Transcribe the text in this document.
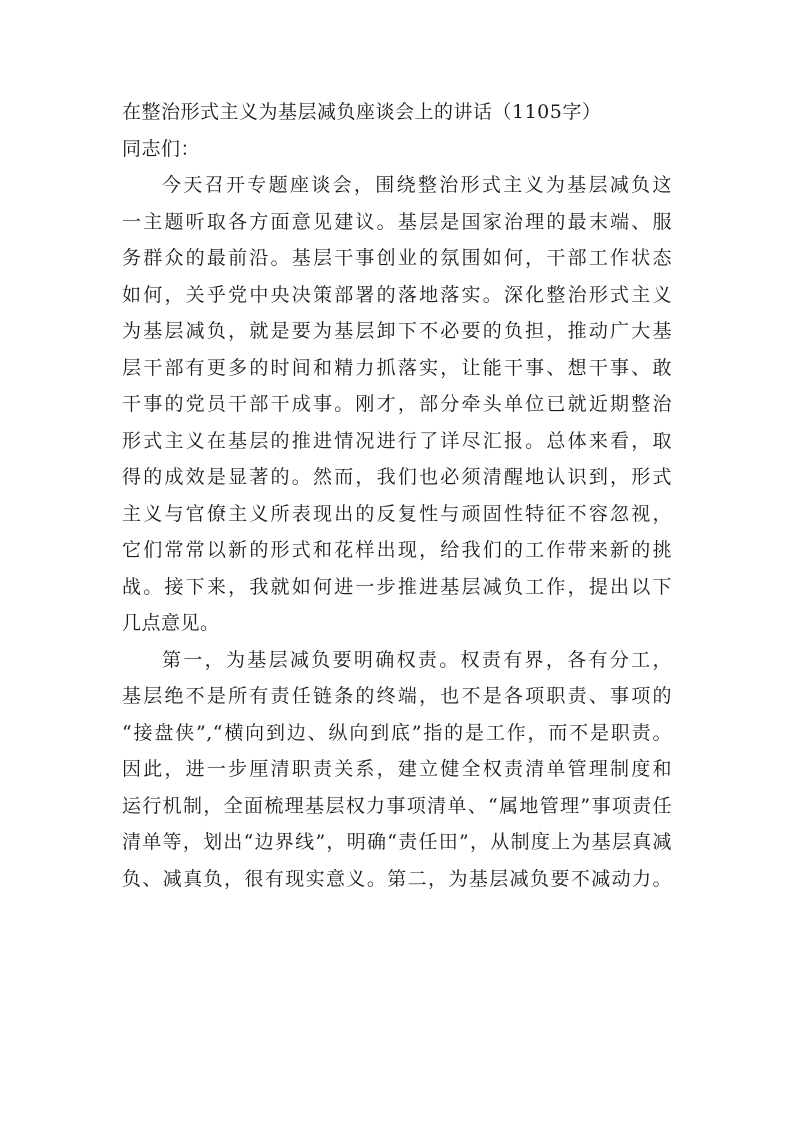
在整治形式主义为基层减负座谈会上的讲话（1105字）
同志们：
今天召开专题座谈会，围绕整治形式主义为基层减负这
一主题听取各方面意见建议。基层是国家治理的最末端、服
务群众的最前沿。基层干事创业的氛围如何，干部工作状态
如何，关乎党中央决策部署的落地落实。深化整治形式主义
为基层减负，就是要为基层卸下不必要的负担，推动广大基
层干部有更多的时间和精力抓落实，让能干事、想干事、敢
干事的党员干部干成事。刚才，部分牵头单位已就近期整治
形式主义在基层的推进情况进行了详尽汇报。总体来看，取
得的成效是显著的。然而，我们也必须清醒地认识到，形式
主义与官僚主义所表现出的反复性与顽固性特征不容忽视，
它们常常以新的形式和花样出现，给我们的工作带来新的挑
战。接下来，我就如何进一步推进基层减负工作，提出以下
几点意见。
第一，为基层减负要明确权责。权责有界，各有分工，
基层绝不是所有责任链条的终端，也不是各项职责、事项的
“接盘侠”,“横向到边、纵向到底”指的是工作，而不是职责。
因此，进一步厘清职责关系，建立健全权责清单管理制度和
运行机制，全面梳理基层权力事项清单、“属地管理”事项责任
清单等，划出“边界线”，明确“责任田”，从制度上为基层真减
负、减真负，很有现实意义。第二，为基层减负要不减动力。
